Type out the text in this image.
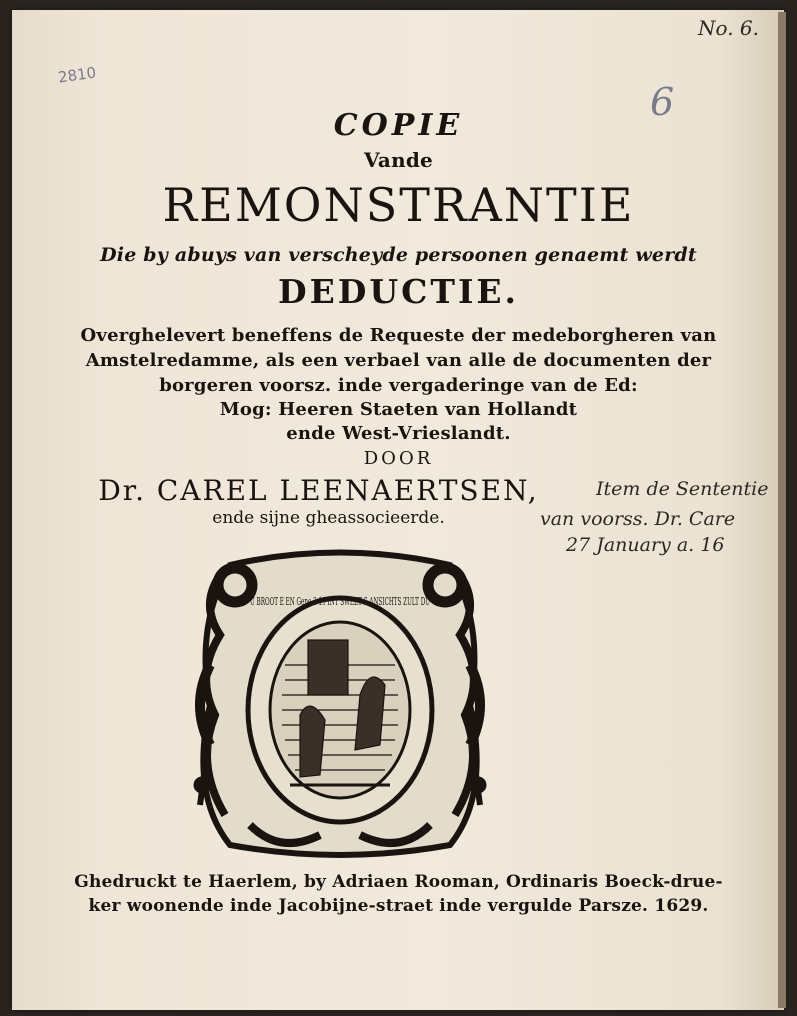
No. 6.
2810
6
COPIE
Vande
REMONSTRANTIE
Die by abuys van verscheyde persoonen genaemt werdt
DEDUCTIE.
Overghelevert beneffens de Requeste der medeborgheren van
Amstelredamme, als een verbael van alle de documenten der
borgeren voorsz. inde vergaderinge van de Ed:
Mog: Heeren Staeten van Hollandt
ende West-Vrieslandt.
DOOR
Dr. CAREL LEENAERTSEN,
ende sijne gheassocieerde.
Item de Sententie
van voorss. Dr. Care
27 January a. 16
U BROOT E EN Gene 3 19 INT SWEET S ANSICHTS ZULT DU
Ghedruckt te Haerlem, by Adriaen Rooman, Ordinaris Boeck-drue-
ker woonende inde Jacobijne-straet inde vergulde Parsze. 1629.
